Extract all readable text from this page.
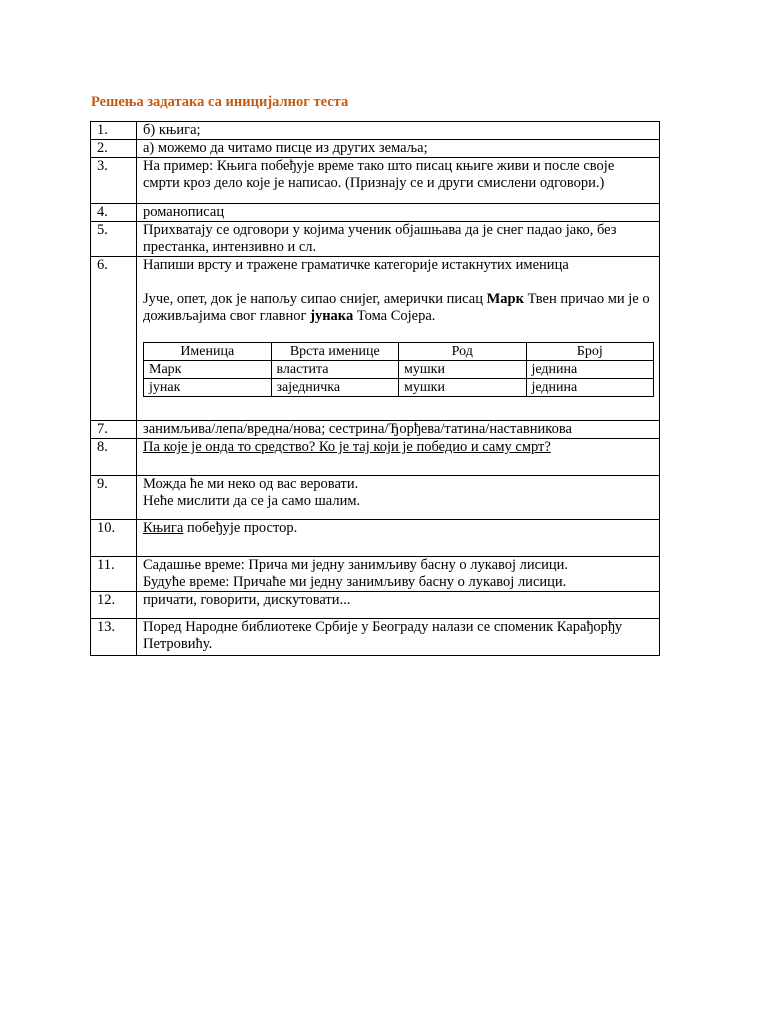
Решења задатака са иницијалног теста
1.	б) књига;
2.	а) можемо да читамо писце из других земаља;
3.	На пример: Књига побеђује време тако што писац књиге живи и после своје смрти кроз дело које је написао. (Признају се и други смислени одговори.)
4.	романописац
5.	Прихватају се одговори у којима ученик објашњава да је снег падао јако, без престанка, интензивно и сл.
6.	Напиши врсту и тражене граматичке категорије истакнутих именица
Јуче, опет, док је напољу сипао снијег, амерички писац Марк Твен причао ми је о доживљајима свог главног јунака Тома Сојера.
Именица	Врста именице	Род	Број
Марк	властита	мушки	једнина
јунак	заједничка	мушки	једнина

7.	занимљива/лепа/вредна/нова; сестрина/Ђорђева/татина/наставникова
8.	Па које је онда то средство? Ко је тај који је победио и саму смрт?
9.	Можда ће ми неко од вас веровати.
Неће мислити да се ја само шалим.

10.	Књига побеђује простор.
11.	Садашње време: Прича ми једну занимљиву басну о лукавој лисици.
Будуће време: Причаће ми једну занимљиву басну о лукавој лисици.

12.	причати, говорити, дискутовати...
13.	Поред Народне библиотеке Србије у Београду налази се споменик Карађорђу Петровићу.
